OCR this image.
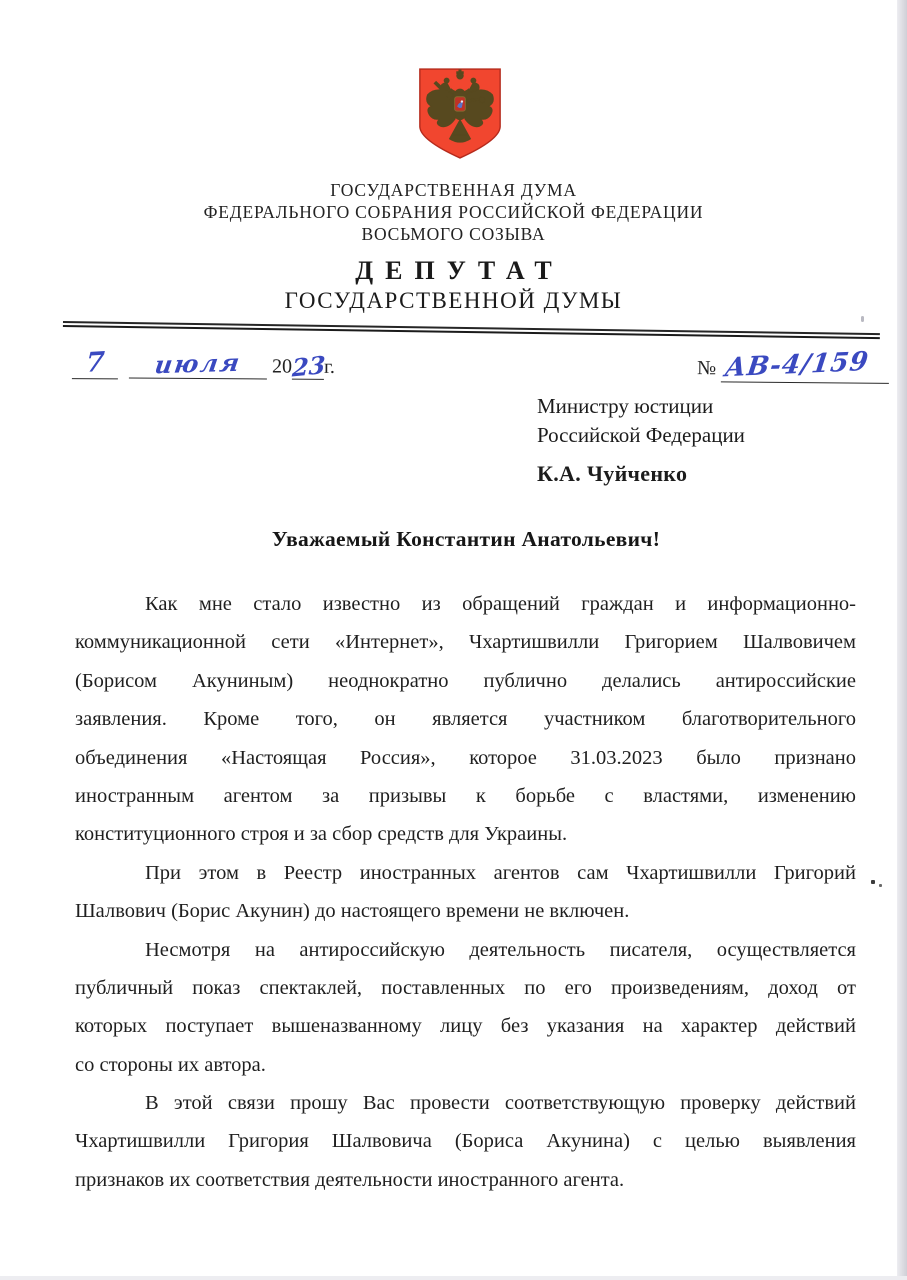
ГОСУДАРСТВЕННАЯ ДУМА
ФЕДЕРАЛЬНОГО СОБРАНИЯ РОССИЙСКОЙ ФЕДЕРАЦИИ
ВОСЬМОГО СОЗЫВА
ДЕПУТАТ
ГОСУДАРСТВЕННОЙ ДУМЫ
7 июля 2023г.	№ АВ-4/159
Министру юстиции
Российской Федерации
К.А. Чуйченко
Уважаемый Константин Анатольевич!
Как мне стало известно из обращений граждан и информационно-
коммуникационной сети «Интернет», Чхартишвилли Григорием Шалвовичем
(Борисом Акуниным) неоднократно публично делались антироссийские
заявления. Кроме того, он является участником благотворительного
объединения «Настоящая Россия», которое 31.03.2023 было признано
иностранным агентом за призывы к борьбе с властями, изменению
конституционного строя и за сбор средств для Украины.
При этом в Реестр иностранных агентов сам Чхартишвилли Григорий
Шалвович (Борис Акунин) до настоящего времени не включен.
Несмотря на антироссийскую деятельность писателя, осуществляется
публичный показ спектаклей, поставленных по его произведениям, доход от
которых поступает вышеназванному лицу без указания на характер действий
со стороны их автора.
В этой связи прошу Вас провести соответствующую проверку действий
Чхартишвилли Григория Шалвовича (Бориса Акунина) с целью выявления
признаков их соответствия деятельности иностранного агента.
